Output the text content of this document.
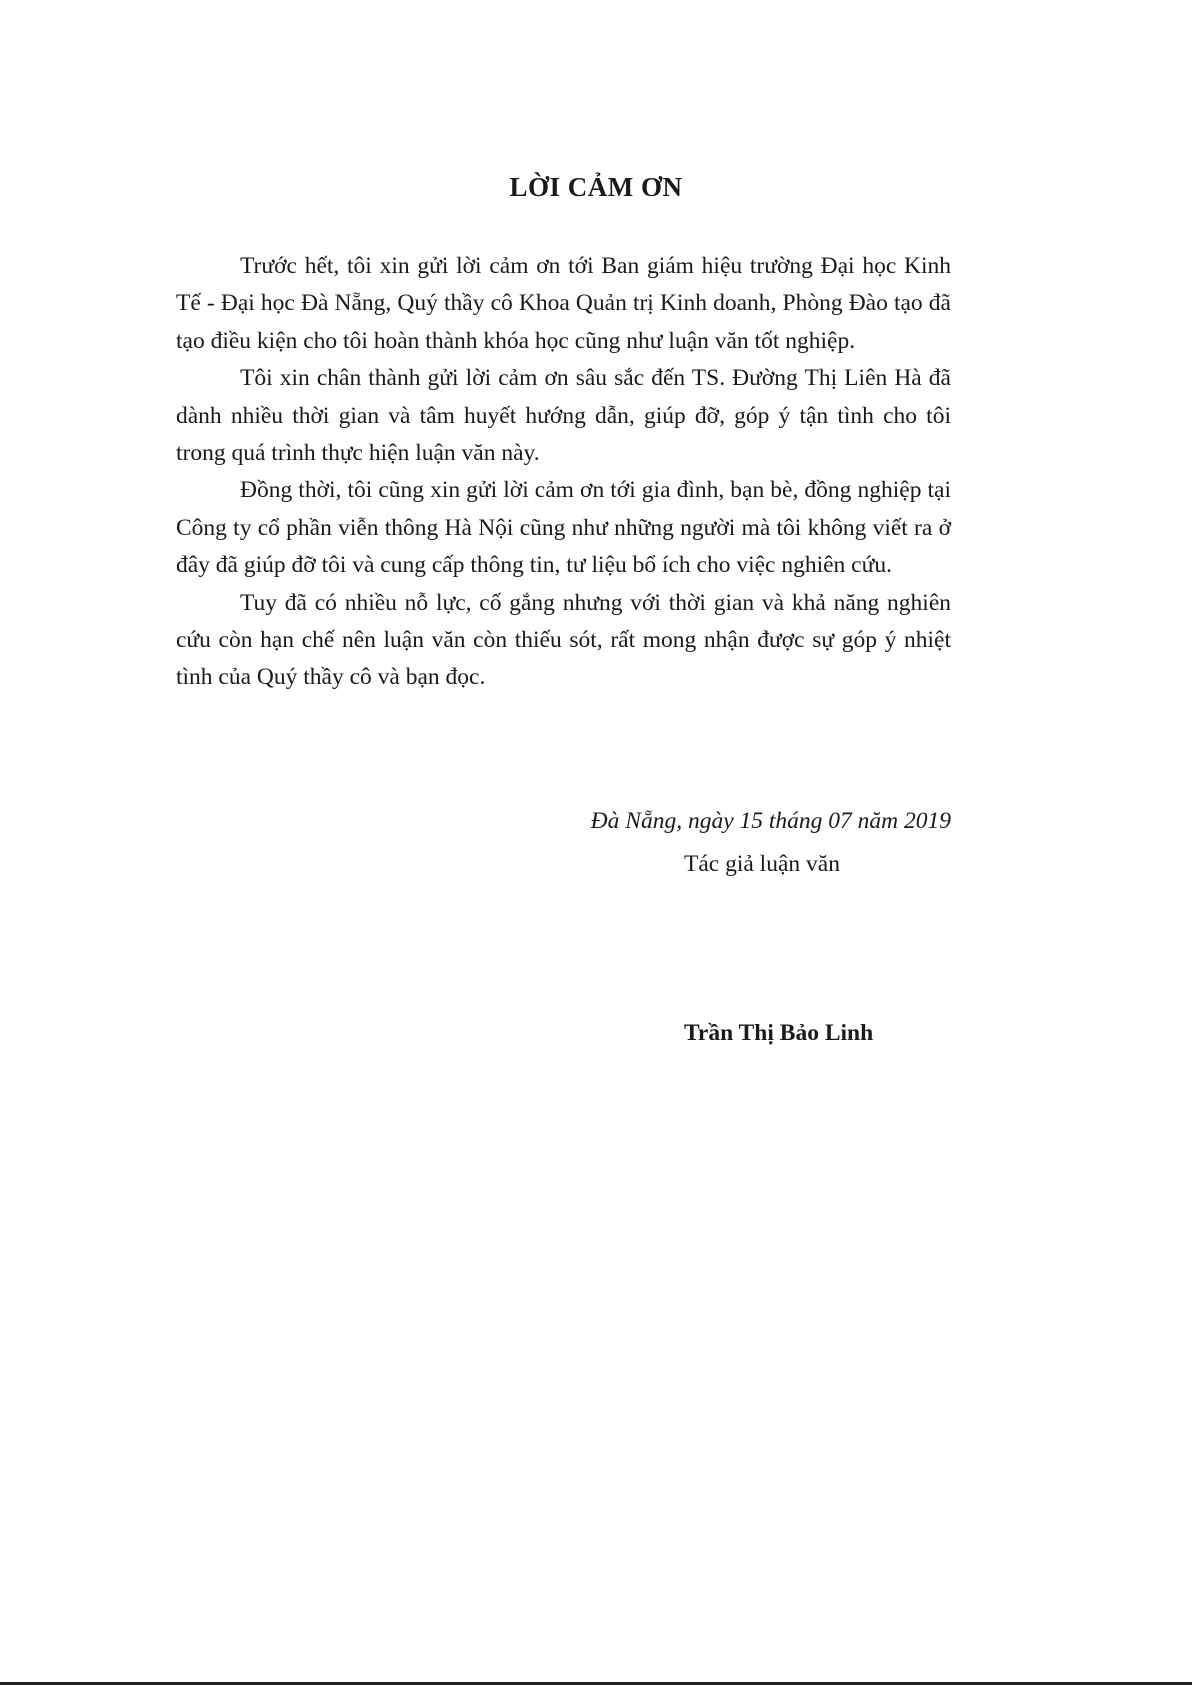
LỜI CẢM ƠN

Trước hết, tôi xin gửi lời cảm ơn tới Ban giám hiệu trường Đại học Kinh Tế - Đại học Đà Nẵng, Quý thầy cô Khoa Quản trị Kinh doanh, Phòng Đào tạo đã tạo điều kiện cho tôi hoàn thành khóa học cũng như luận văn tốt nghiệp.

Tôi xin chân thành gửi lời cảm ơn sâu sắc đến TS. Đường Thị Liên Hà đã dành nhiều thời gian và tâm huyết hướng dẫn, giúp đỡ, góp ý tận tình cho tôi trong quá trình thực hiện luận văn này.

Đồng thời, tôi cũng xin gửi lời cảm ơn tới gia đình, bạn bè, đồng nghiệp tại Công ty cổ phần viễn thông Hà Nội cũng như những người mà tôi không viết ra ở đây đã giúp đỡ tôi và cung cấp thông tin, tư liệu bổ ích cho việc nghiên cứu.

Tuy đã có nhiều nỗ lực, cố gắng nhưng với thời gian và khả năng nghiên cứu còn hạn chế nên luận văn còn thiếu sót, rất mong nhận được sự góp ý nhiệt tình của Quý thầy cô và bạn đọc.

Đà Nẵng, ngày 15 tháng 07 năm 2019
Tác giả luận văn
Trần Thị Bảo Linh
